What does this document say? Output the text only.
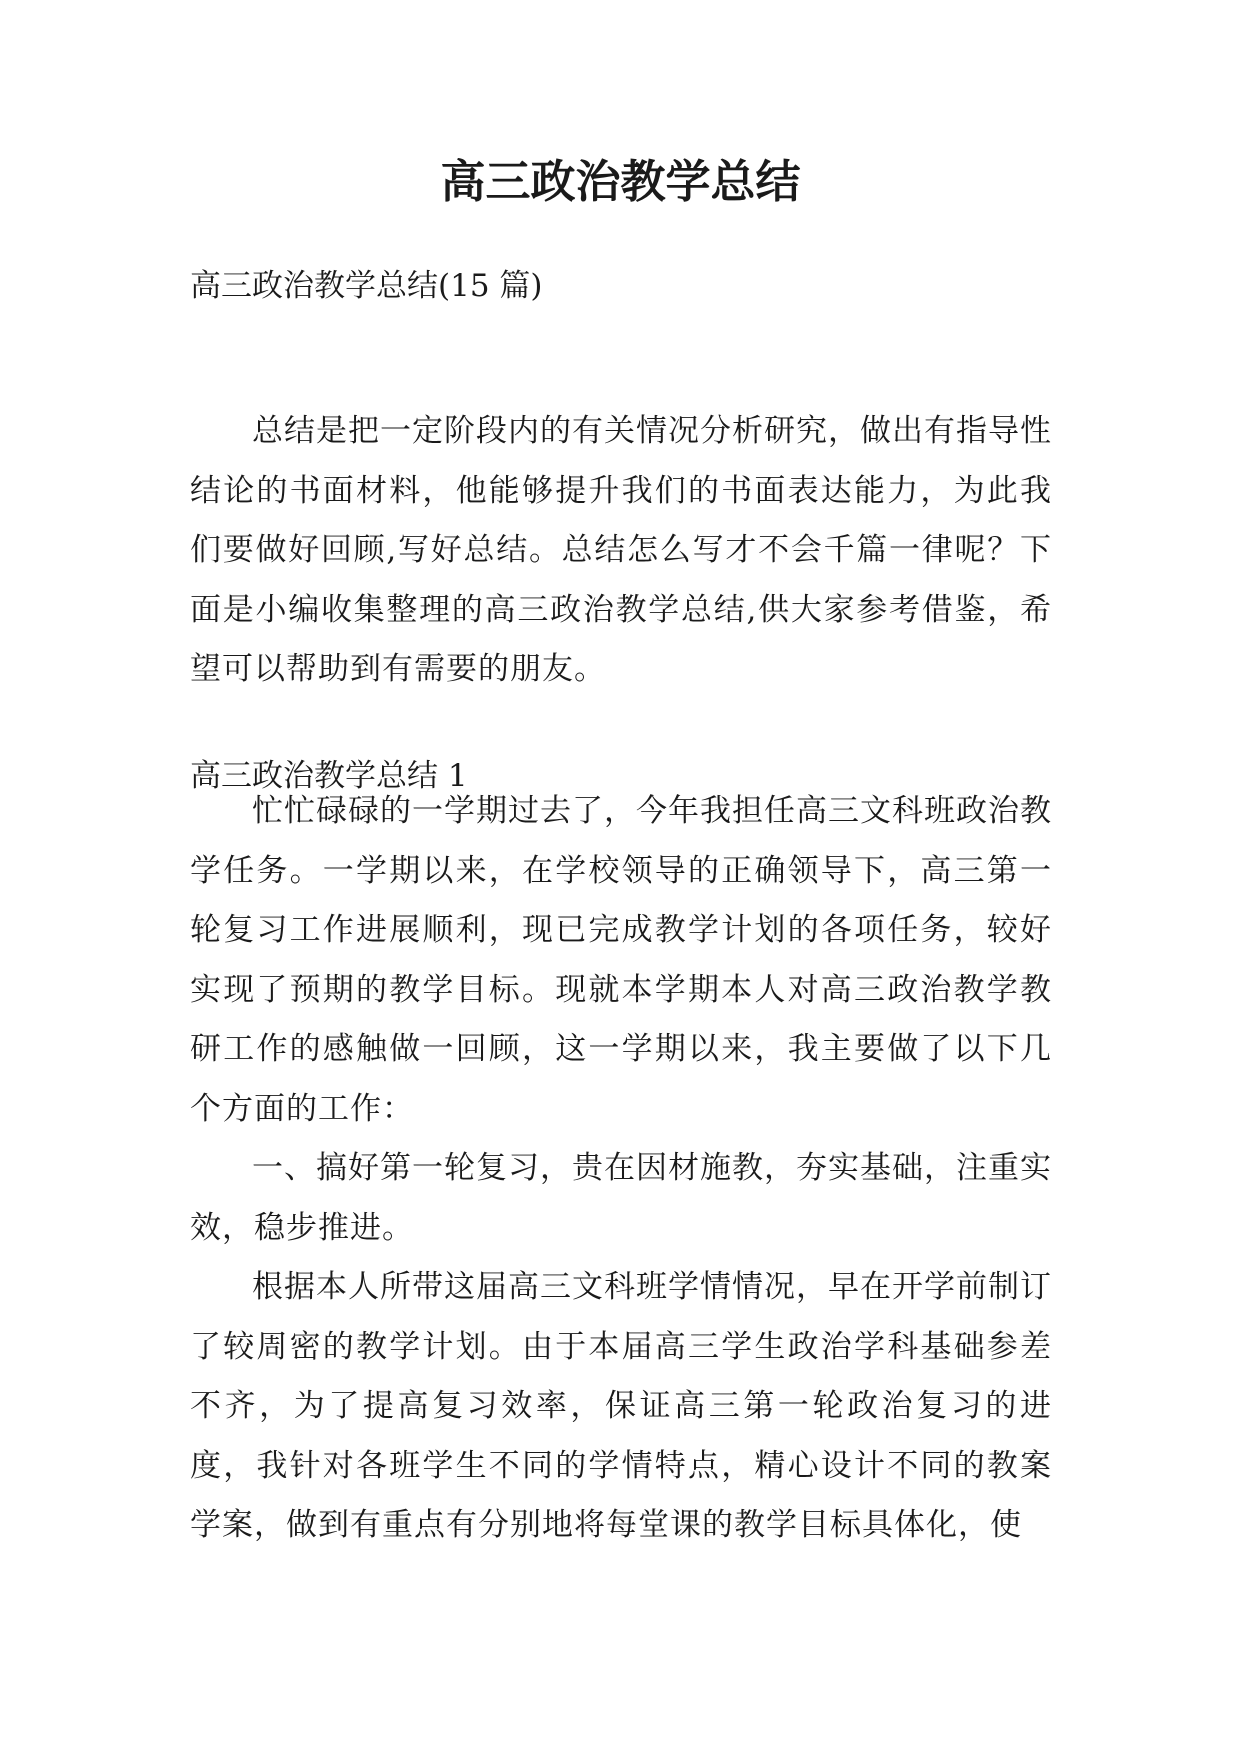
高三政治教学总结

高三政治教学总结(15 篇)

总结是把一定阶段内的有关情况分析研究，做出有指导性结论的书面材料，他能够提升我们的书面表达能力，为此我们要做好回顾,写好总结。总结怎么写才不会千篇一律呢？下面是小编收集整理的高三政治教学总结,供大家参考借鉴，希望可以帮助到有需要的朋友。

高三政治教学总结 1

忙忙碌碌的一学期过去了，今年我担任高三文科班政治教学任务。一学期以来，在学校领导的正确领导下，高三第一轮复习工作进展顺利，现已完成教学计划的各项任务，较好实现了预期的教学目标。现就本学期本人对高三政治教学教研工作的感触做一回顾，这一学期以来，我主要做了以下几个方面的工作：

一、搞好第一轮复习，贵在因材施教，夯实基础，注重实效，稳步推进。

根据本人所带这届高三文科班学情情况，早在开学前制订了较周密的教学计划。由于本届高三学生政治学科基础参差不齐，为了提高复习效率，保证高三第一轮政治复习的进度，我针对各班学生不同的学情特点，精心设计不同的教案学案，做到有重点有分别地将每堂课的教学目标具体化，使
